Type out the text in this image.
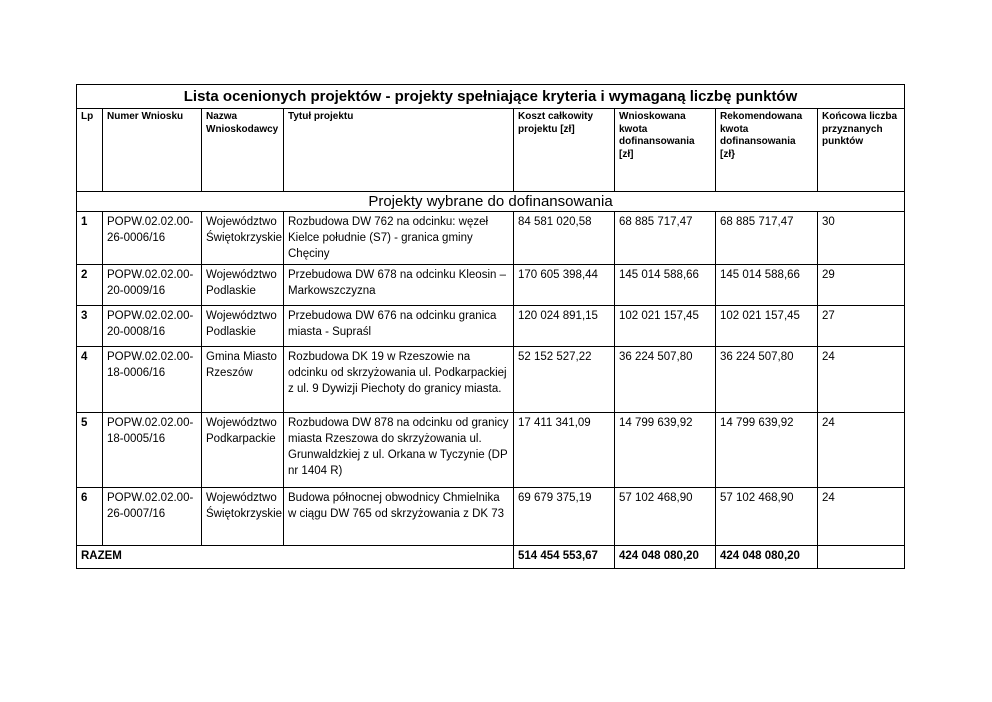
Lista ocenionych projektów - projekty spełniające kryteria i wymaganą liczbę punktów							
Lp	Numer Wniosku	Nazwa Wnioskodawcy	Tytuł projektu	Koszt całkowity projektu [zł]	Wnioskowana kwota dofinansowania [zł]	Rekomendowana kwota dofinansowania [zł}	Końcowa liczba przyznanych punktów
Projekty wybrane do dofinansowania							
1	POPW.02.02.00-26-0006/16	Województwo Świętokrzyskie	Rozbudowa DW 762 na odcinku: węzeł Kielce południe (S7) - granica gminy Chęciny	84 581 020,58	68 885 717,47	68 885 717,47	30
2	POPW.02.02.00-20-0009/16	Województwo Podlaskie	Przebudowa DW 678 na odcinku Kleosin – Markowszczyzna	170 605 398,44	145 014 588,66	145 014 588,66	29
3	POPW.02.02.00-20-0008/16	Województwo Podlaskie	Przebudowa DW 676 na odcinku granica miasta - Supraśl	120 024 891,15	102 021 157,45	102 021 157,45	27
4	POPW.02.02.00-18-0006/16	Gmina Miasto Rzeszów	Rozbudowa DK 19 w Rzeszowie na odcinku od skrzyżowania ul. Podkarpackiej z ul. 9 Dywizji Piechoty do granicy miasta.	52 152 527,22	36 224 507,80	36 224 507,80	24
5	POPW.02.02.00-18-0005/16	Województwo Podkarpackie	Rozbudowa DW 878 na odcinku od granicy miasta Rzeszowa do skrzyżowania ul. Grunwaldzkiej z ul. Orkana w Tyczynie (DP nr 1404 R)	17 411 341,09	14 799 639,92	14 799 639,92	24
6	POPW.02.02.00-26-0007/16	Województwo Świętokrzyskie	Budowa północnej obwodnicy Chmielnika w ciągu DW 765 od skrzyżowania z DK 73	69 679 375,19	57 102 468,90	57 102 468,90	24
RAZEM				514 454 553,67	424 048 080,20	424 048 080,20	
